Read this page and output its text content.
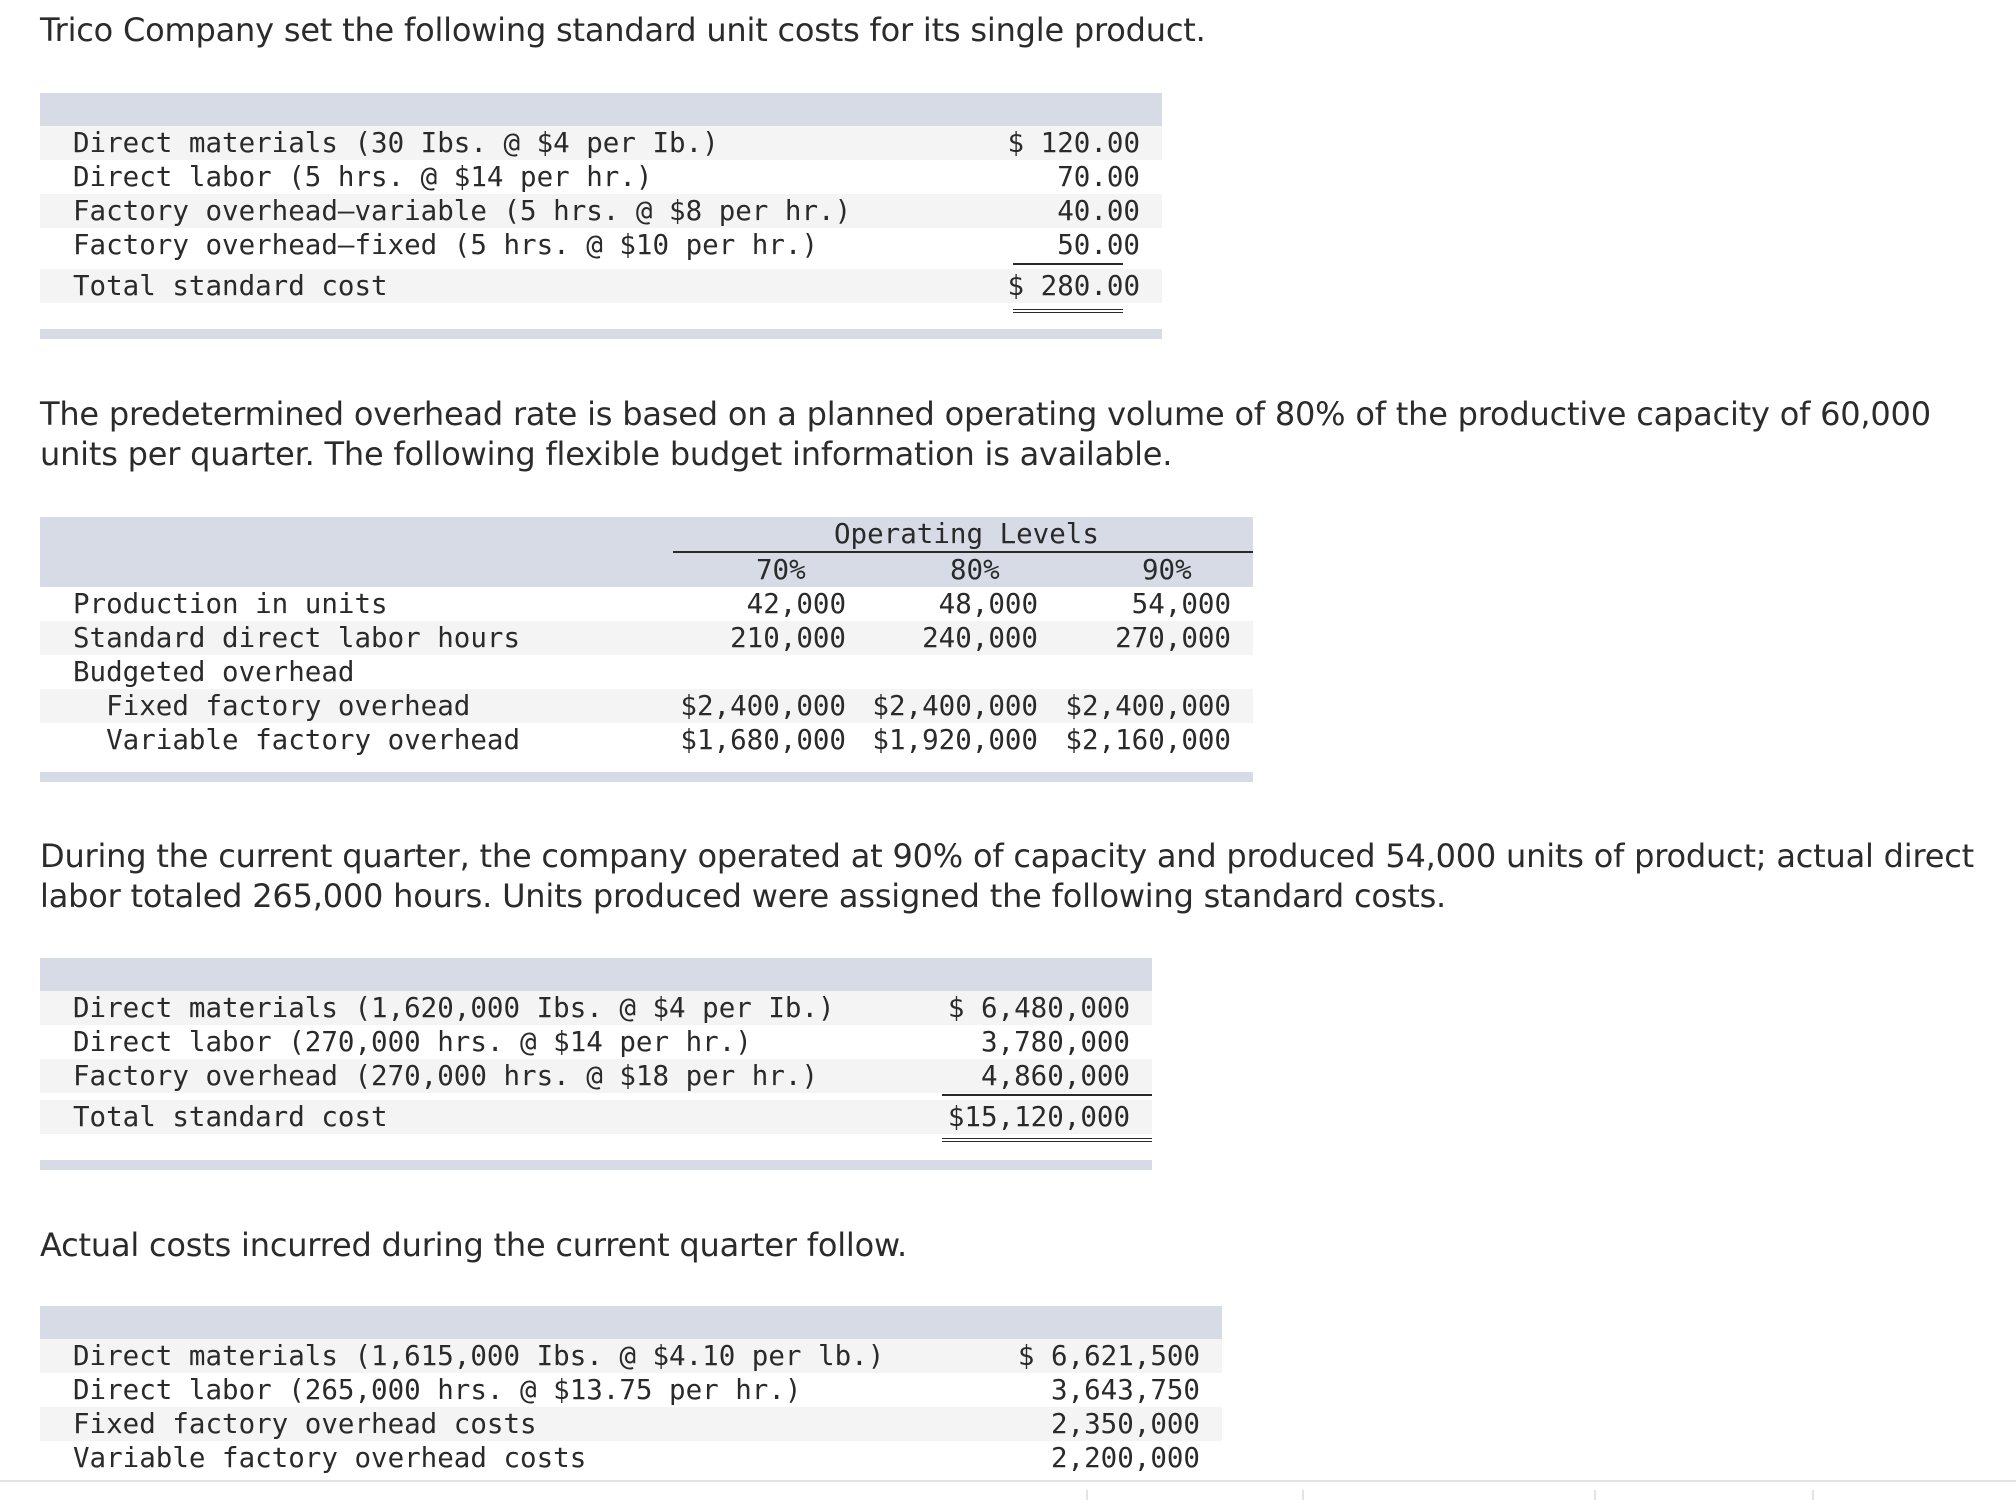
Trico Company set the following standard unit costs for its single product.

Direct materials (30 Ibs. @ $4 per Ib.)	$ 120.00
Direct labor (5 hrs. @ $14 per hr.)	70.00
Factory overhead—variable (5 hrs. @ $8 per hr.)	40.00
Factory overhead—fixed (5 hrs. @ $10 per hr.)	50.00
Total standard cost	$ 280.00

The predetermined overhead rate is based on a planned operating volume of 80% of the productive capacity of 60,000 units per quarter. The following flexible budget information is available.

Operating Levels
70%	80%	90%
Production in units	42,000	48,000	54,000
Standard direct labor hours	210,000	240,000	270,000
Budgeted overhead
Fixed factory overhead	$2,400,000 $2,400,000 $2,400,000
Variable factory overhead	$1,680,000 $1,920,000 $2,160,000

During the current quarter, the company operated at 90% of capacity and produced 54,000 units of product; actual direct labor totaled 265,000 hours. Units produced were assigned the following standard costs.

Direct materials (1,620,000 Ibs. @ $4 per Ib.)	$ 6,480,000
Direct labor (270,000 hrs. @ $14 per hr.)	3,780,000
Factory overhead (270,000 hrs. @ $18 per hr.)	4,860,000
Total standard cost	$15,120,000

Actual costs incurred during the current quarter follow.

Direct materials (1,615,000 Ibs. @ $4.10 per lb.)	$ 6,621,500
Direct labor (265,000 hrs. @ $13.75 per hr.)	3,643,750
Fixed factory overhead costs	2,350,000
Variable factory overhead costs	2,200,000
